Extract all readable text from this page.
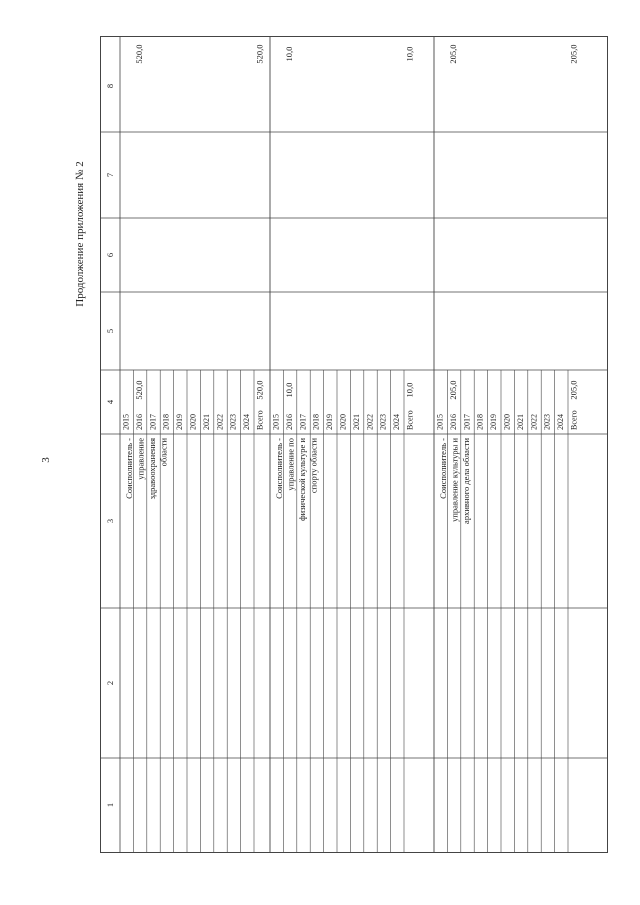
3
Продолжение приложения № 2
8
7
6
5
4
3
2
1
Соисполнитель - управление здравоохранения области
2015 2016
520,0
520,0
2017 2018 2019 2020 2021 2022 2023 2024 Всего
520,0
520,0
Соисполнитель - управление по физической культуре и спорту области
2015 2016
10,0
10,0
2017 2018 2019 2020 2021 2022 2023 2024 Всего
10,0
10,0
Соисполнитель - управление культуры и архивного дела области
2015 2016
205,0
205,0
2017 2018 2019 2020 2021 2022 2023 2024 Всего
205,0
205,0
